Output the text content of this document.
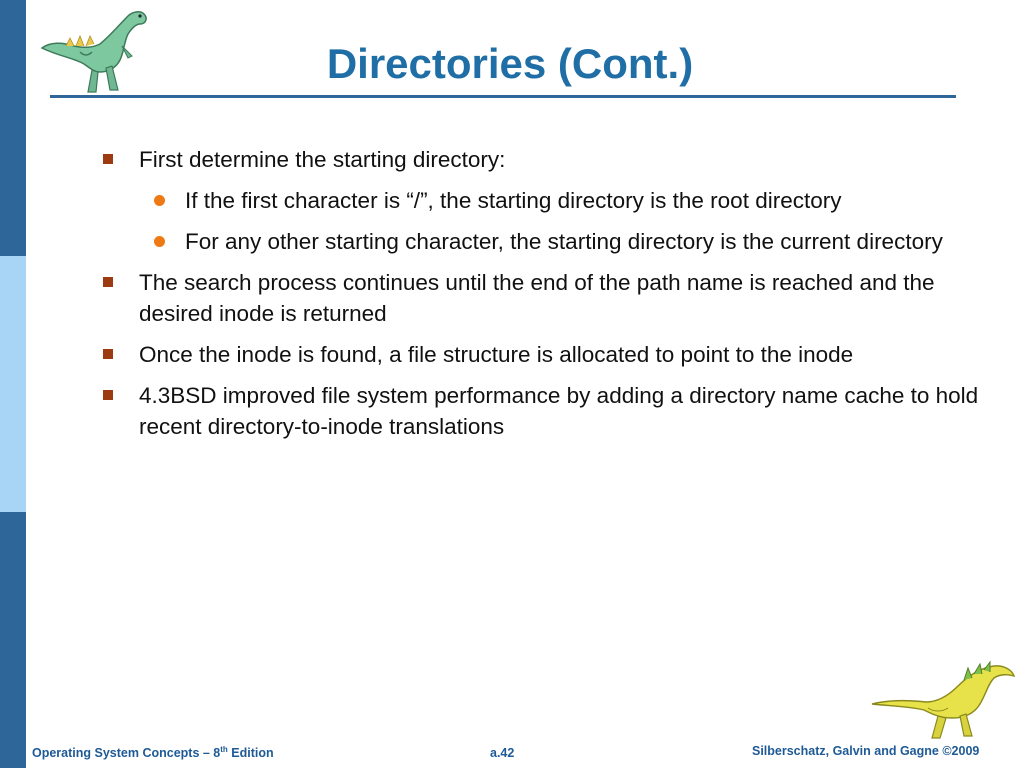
Directories (Cont.)
First determine the starting directory:
If the first character is “/”, the starting directory is the root directory
For any other starting character, the starting directory is the current directory
The search process continues until the end of the path name is reached and the desired inode is returned
Once the inode is found, a file structure is allocated to point to the inode
4.3BSD improved file system performance by adding a directory name cache to hold recent directory-to-inode translations
Operating System Concepts – 8th Edition	a.42	Silberschatz, Galvin and Gagne ©2009
